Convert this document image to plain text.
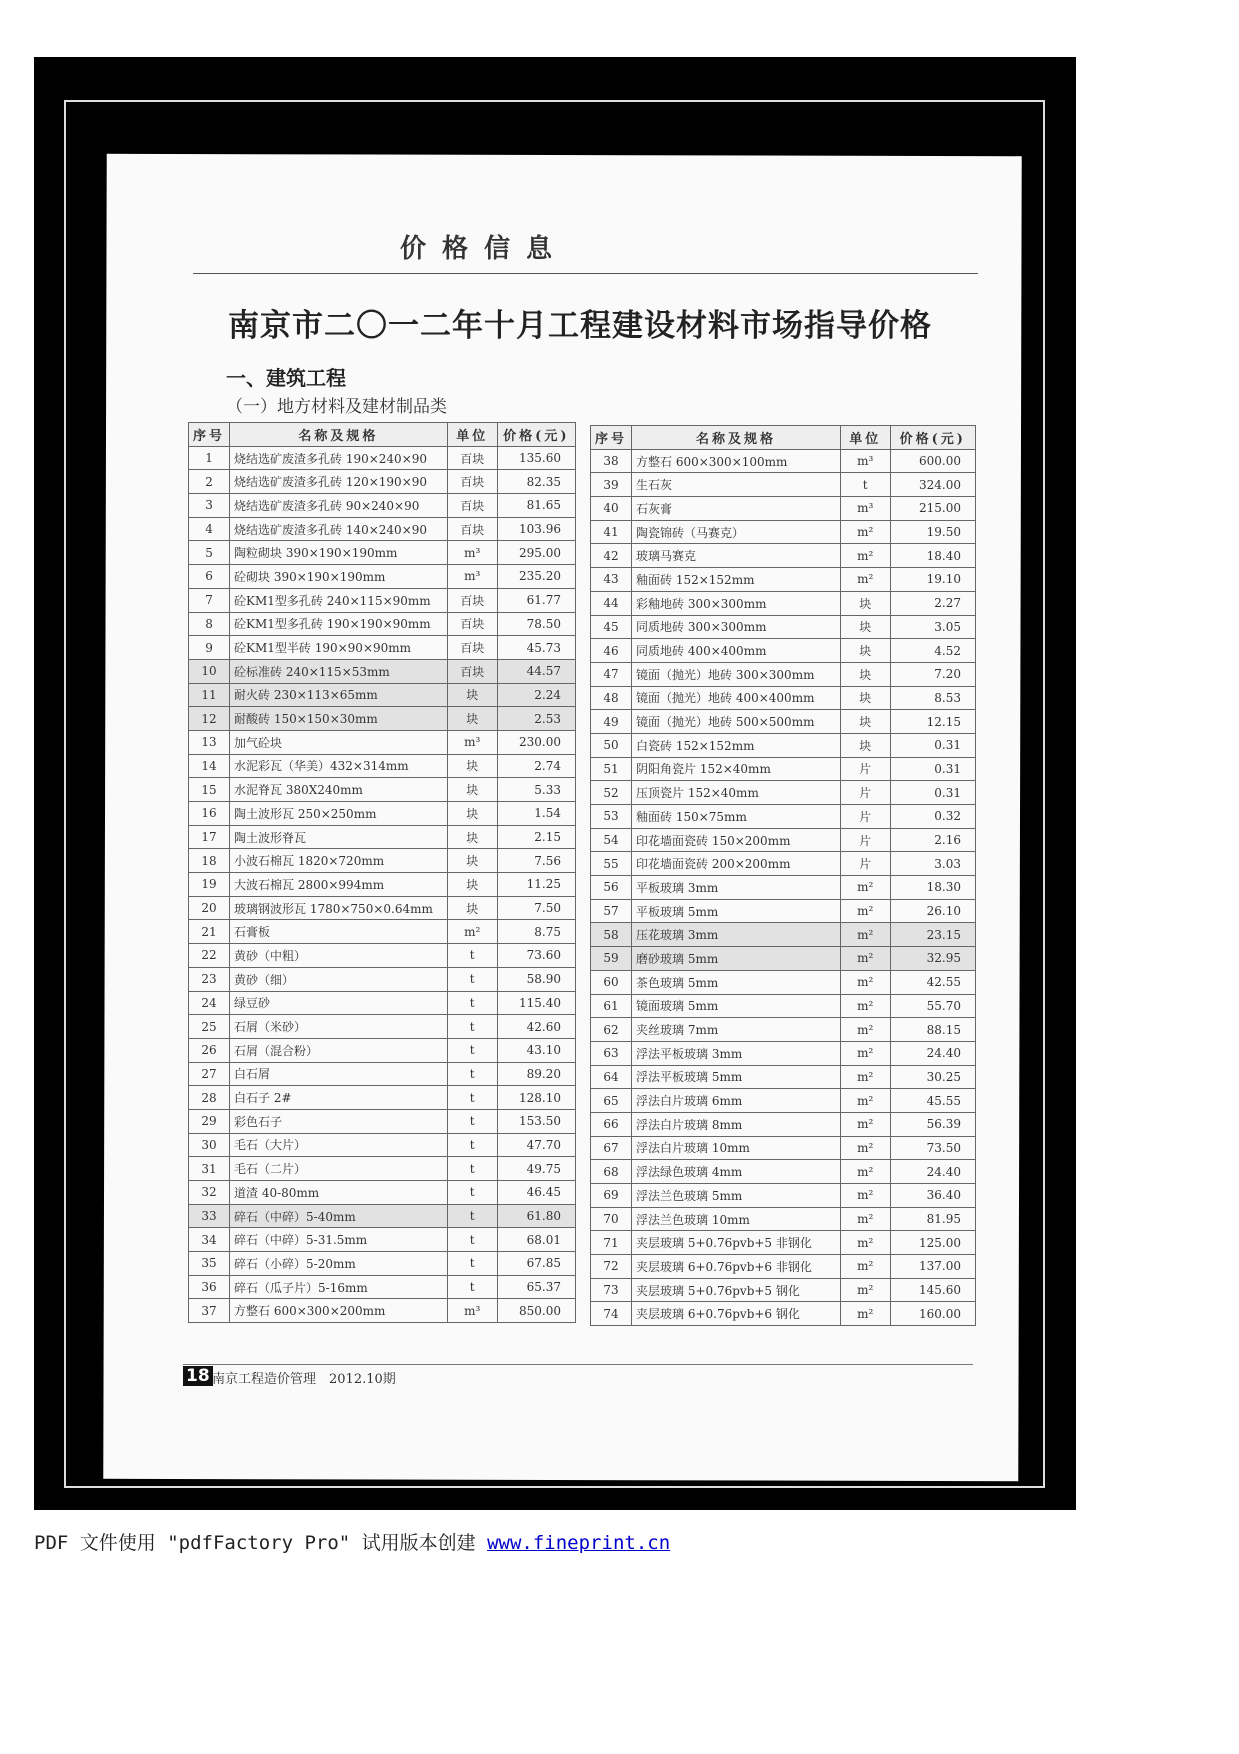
价格信息
南京市二〇一二年十月工程建设材料市场指导价格
一、建筑工程
（一）地方材料及建材制品类
序号	名称及规格	单位	价格(元)
1	烧结选矿废渣多孔砖 190×240×90	百块	135.60
2	烧结选矿废渣多孔砖 120×190×90	百块	82.35
3	烧结选矿废渣多孔砖 90×240×90	百块	81.65
4	烧结选矿废渣多孔砖 140×240×90	百块	103.96
5	陶粒砌块 390×190×190mm	m³	295.00
6	砼砌块 390×190×190mm	m³	235.20
7	砼KM1型多孔砖 240×115×90mm	百块	61.77
8	砼KM1型多孔砖 190×190×90mm	百块	78.50
9	砼KM1型半砖 190×90×90mm	百块	45.73
10	砼标准砖 240×115×53mm	百块	44.57
11	耐火砖 230×113×65mm	块	2.24
12	耐酸砖 150×150×30mm	块	2.53
13	加气砼块	m³	230.00
14	水泥彩瓦（华美）432×314mm	块	2.74
15	水泥脊瓦 380X240mm	块	5.33
16	陶土波形瓦 250×250mm	块	1.54
17	陶土波形脊瓦	块	2.15
18	小波石棉瓦 1820×720mm	块	7.56
19	大波石棉瓦 2800×994mm	块	11.25
20	玻璃钢波形瓦 1780×750×0.64mm	块	7.50
21	石膏板	m²	8.75
22	黄砂（中粗）	t	73.60
23	黄砂（细）	t	58.90
24	绿豆砂	t	115.40
25	石屑（米砂）	t	42.60
26	石屑（混合粉）	t	43.10
27	白石屑	t	89.20
28	白石子 2#	t	128.10
29	彩色石子	t	153.50
30	毛石（大片）	t	47.70
31	毛石（二片）	t	49.75
32	道渣 40-80mm	t	46.45
33	碎石（中碎）5-40mm	t	61.80
34	碎石（中碎）5-31.5mm	t	68.01
35	碎石（小碎）5-20mm	t	67.85
36	碎石（瓜子片）5-16mm	t	65.37
37	方整石 600×300×200mm	m³	850.00
序号	名称及规格	单位	价格(元)
38	方整石 600×300×100mm	m³	600.00
39	生石灰	t	324.00
40	石灰膏	m³	215.00
41	陶瓷锦砖（马赛克）	m²	19.50
42	玻璃马赛克	m²	18.40
43	釉面砖 152×152mm	m²	19.10
44	彩釉地砖 300×300mm	块	2.27
45	同质地砖 300×300mm	块	3.05
46	同质地砖 400×400mm	块	4.52
47	镜面（抛光）地砖 300×300mm	块	7.20
48	镜面（抛光）地砖 400×400mm	块	8.53
49	镜面（抛光）地砖 500×500mm	块	12.15
50	白瓷砖 152×152mm	块	0.31
51	阴阳角瓷片 152×40mm	片	0.31
52	压顶瓷片 152×40mm	片	0.31
53	釉面砖 150×75mm	片	0.32
54	印花墙面瓷砖 150×200mm	片	2.16
55	印花墙面瓷砖 200×200mm	片	3.03
56	平板玻璃 3mm	m²	18.30
57	平板玻璃 5mm	m²	26.10
58	压花玻璃 3mm	m²	23.15
59	磨砂玻璃 5mm	m²	32.95
60	茶色玻璃 5mm	m²	42.55
61	镜面玻璃 5mm	m²	55.70
62	夹丝玻璃 7mm	m²	88.15
63	浮法平板玻璃 3mm	m²	24.40
64	浮法平板玻璃 5mm	m²	30.25
65	浮法白片玻璃 6mm	m²	45.55
66	浮法白片玻璃 8mm	m²	56.39
67	浮法白片玻璃 10mm	m²	73.50
68	浮法绿色玻璃 4mm	m²	24.40
69	浮法兰色玻璃 5mm	m²	36.40
70	浮法兰色玻璃 10mm	m²	81.95
71	夹层玻璃 5+0.76pvb+5 非钢化	m²	125.00
72	夹层玻璃 6+0.76pvb+6 非钢化	m²	137.00
73	夹层玻璃 5+0.76pvb+5 钢化	m²	145.60
74	夹层玻璃 6+0.76pvb+6 钢化	m²	160.00
18 南京工程造价管理　2012.10期
PDF 文件使用 "pdfFactory Pro" 试用版本创建 www.fineprint.cn
